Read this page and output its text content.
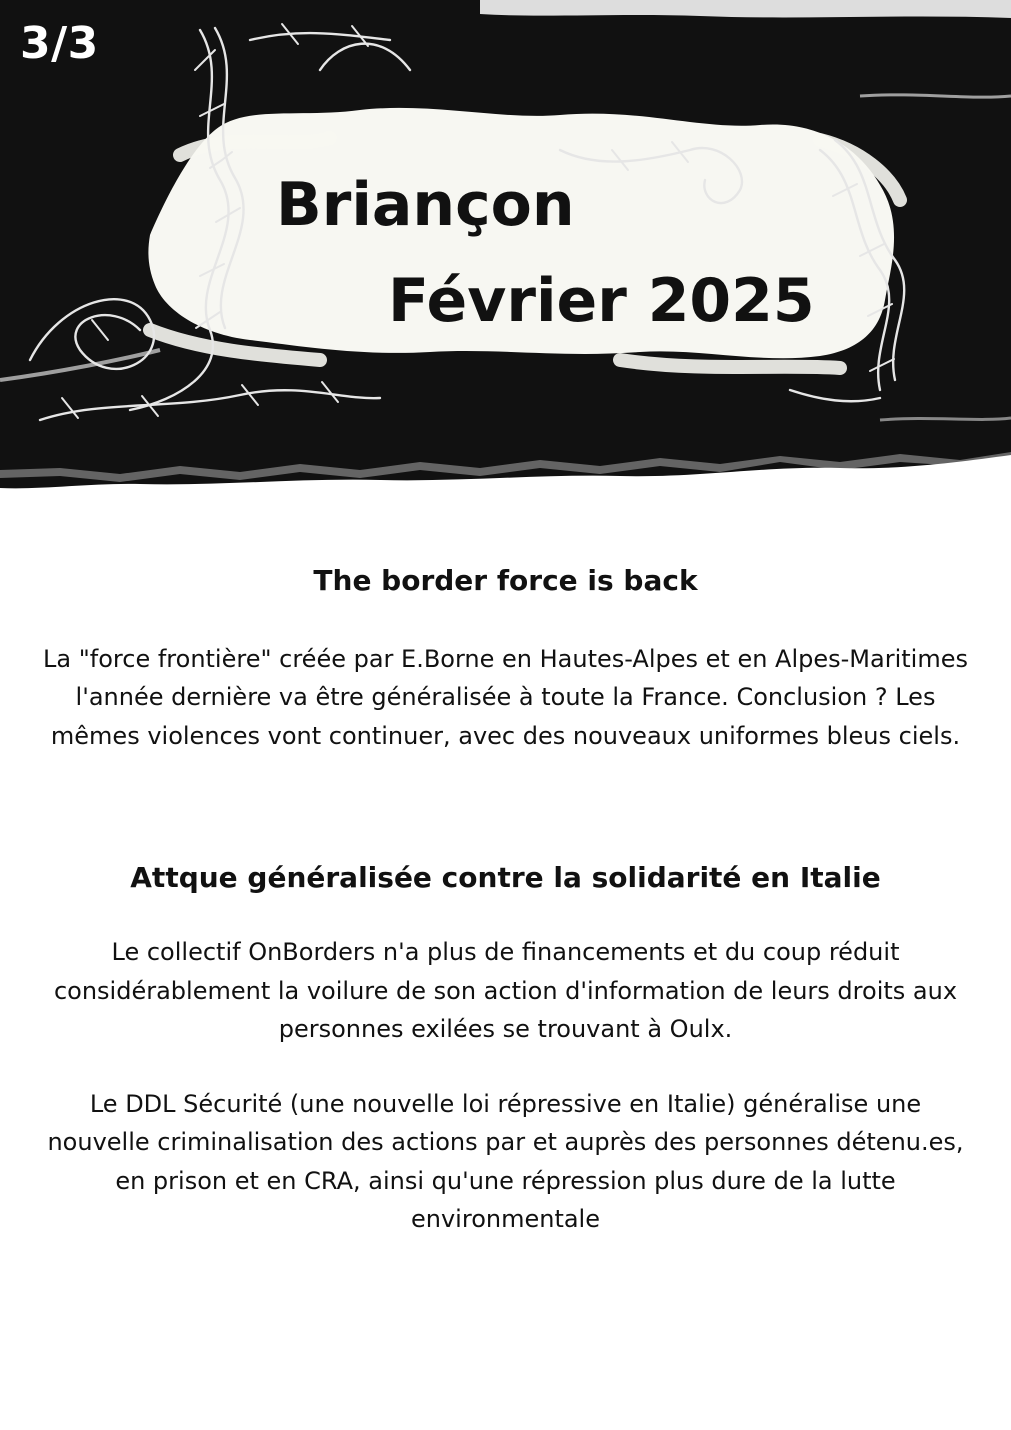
3/3
Briançon
Février 2025
The border force is back

La "force frontière" créée par E.Borne en Hautes-Alpes et en Alpes-Maritimes l'année dernière va être généralisée à toute la France. Conclusion ? Les mêmes violences vont continuer, avec des nouveaux uniformes bleus ciels.

Attque généralisée contre la solidarité en Italie

Le collectif OnBorders n'a plus de financements et du coup réduit considérablement la voilure de son action d'information de leurs droits aux personnes exilées se trouvant à Oulx.

Le DDL Sécurité (une nouvelle loi répressive en Italie) généralise une nouvelle criminalisation des actions par et auprès des personnes détenu.es, en prison et en CRA, ainsi qu'une répression plus dure de la lutte environmentale
